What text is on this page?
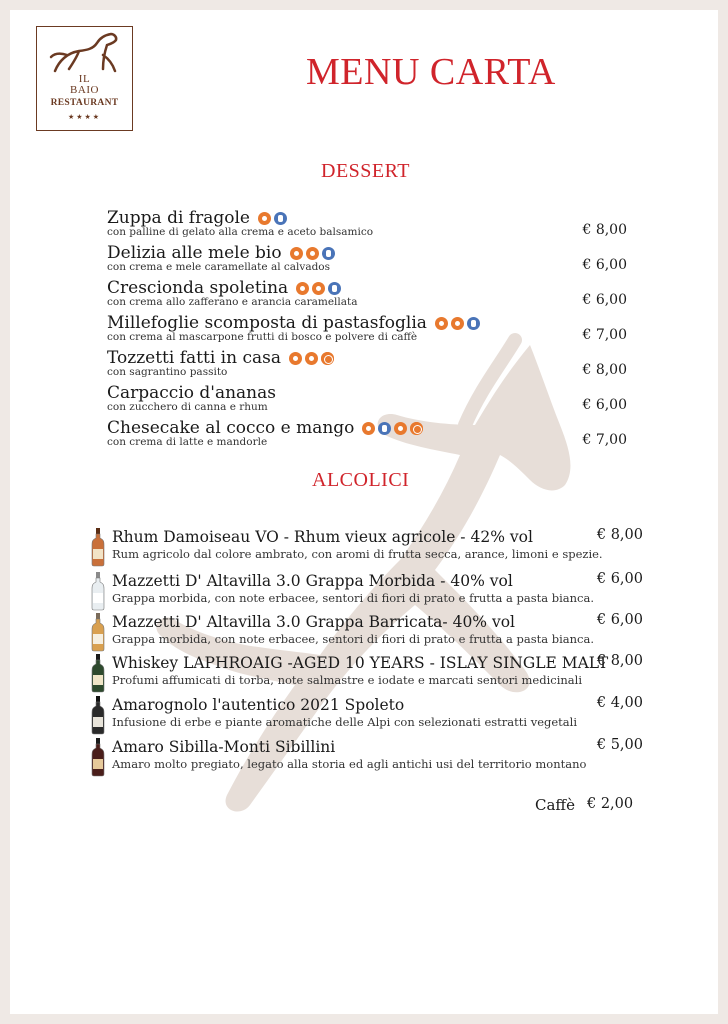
IL
BAIO
RESTAURANT
★★★★
MENU CARTA
DESSERT
Zuppa di fragole
con palline di gelato alla crema e aceto balsamico	€ 8,00
Delizia alle mele bio
con crema e mele caramellate al calvados	€ 6,00
Crescionda spoletina
con crema allo zafferano e arancia caramellata	€ 6,00
Millefoglie scomposta di pastasfoglia
con crema al mascarpone frutti di bosco e polvere di caffè	€ 7,00
Tozzetti fatti in casa
con sagrantino passito	€ 8,00
Carpaccio d'ananas
con zucchero di canna e rhum	€ 6,00
Chesecake al cocco e mango
con crema di latte e mandorle	€ 7,00
ALCOLICI
Rhum Damoiseau VO - Rhum vieux agricole - 42% vol
Rum agricolo dal colore ambrato, con aromi di frutta secca, arance, limoni e spezie.
€ 8,00
Mazzetti D' Altavilla 3.0 Grappa Morbida - 40% vol
Grappa morbida, con note erbacee, sentori di fiori di prato e frutta a pasta bianca.
€ 6,00
Mazzetti D' Altavilla 3.0 Grappa Barricata- 40% vol
Grappa morbida, con note erbacee, sentori di fiori di prato e frutta a pasta bianca.
€ 6,00
Whiskey LAPHROAIG -AGED 10 YEARS - ISLAY SINGLE MALT
Profumi affumicati di torba, note salmastre e iodate e marcati sentori medicinali
€ 8,00
Amarognolo l'autentico 2021 Spoleto
Infusione di erbe e piante aromatiche delle Alpi con selezionati estratti vegetali
€ 4,00
Amaro Sibilla-Monti Sibillini
Amaro molto pregiato, legato alla storia ed agli antichi usi del territorio montano
€ 5,00
Caffè € 2,00
